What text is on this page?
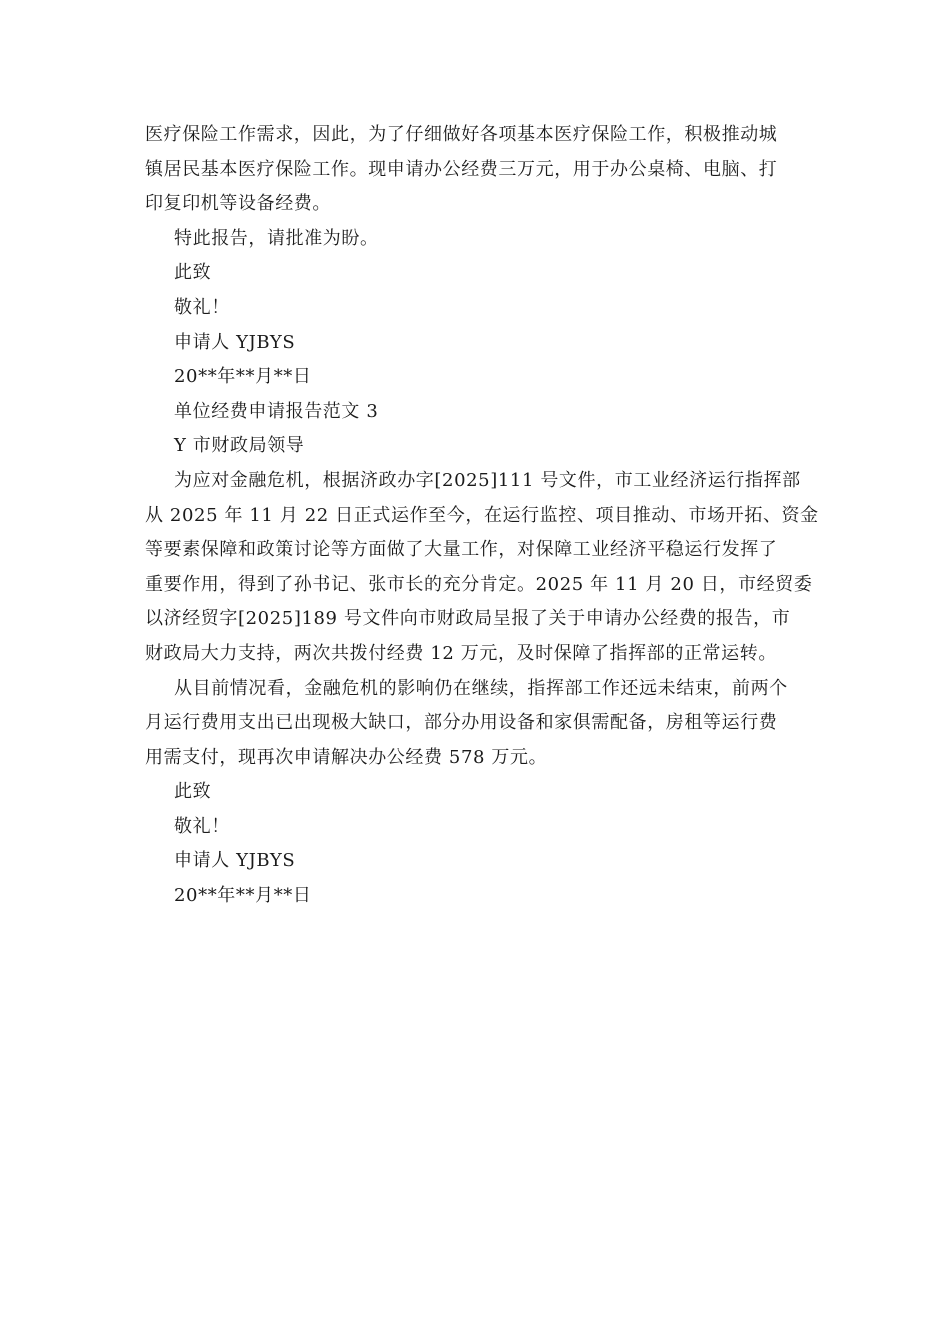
医疗保险工作需求，因此，为了仔细做好各项基本医疗保险工作，积极推动城
镇居民基本医疗保险工作。现申请办公经费三万元，用于办公桌椅、电脑、打
印复印机等设备经费。
特此报告，请批准为盼。
此致
敬礼！
申请人 YJBYS
20**年**月**日
单位经费申请报告范文 3
Y 市财政局领导
为应对金融危机，根据济政办字[2025]111 号文件，市工业经济运行指挥部
从 2025 年 11 月 22 日正式运作至今，在运行监控、项目推动、市场开拓、资金
等要素保障和政策讨论等方面做了大量工作，对保障工业经济平稳运行发挥了
重要作用，得到了孙书记、张市长的充分肯定。2025 年 11 月 20 日，市经贸委
以济经贸字[2025]189 号文件向市财政局呈报了关于申请办公经费的报告，市
财政局大力支持，两次共拨付经费 12 万元，及时保障了指挥部的正常运转。
从目前情况看，金融危机的影响仍在继续，指挥部工作还远未结束，前两个
月运行费用支出已出现极大缺口，部分办用设备和家俱需配备，房租等运行费
用需支付，现再次申请解决办公经费 578 万元。
此致
敬礼！
申请人 YJBYS
20**年**月**日
